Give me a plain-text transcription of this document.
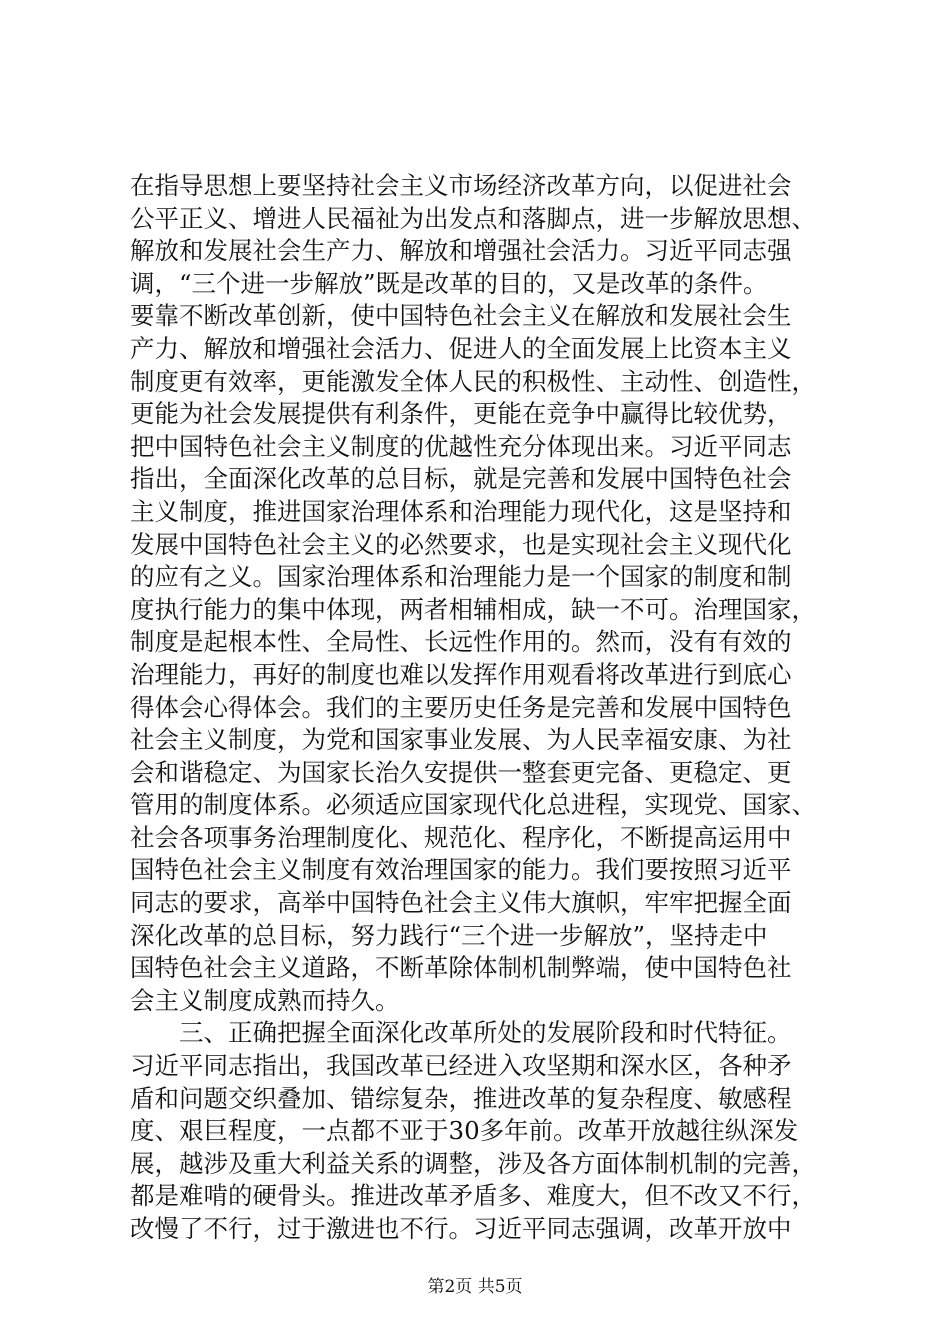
在指导思想上要坚持社会主义市场经济改革方向，以促进社会
公平正义、增进人民福祉为出发点和落脚点，进一步解放思想、
解放和发展社会生产力、解放和增强社会活力。习近平同志强
调，“三个进一步解放”既是改革的目的，又是改革的条件。
要靠不断改革创新，使中国特色社会主义在解放和发展社会生
产力、解放和增强社会活力、促进人的全面发展上比资本主义
制度更有效率，更能激发全体人民的积极性、主动性、创造性，
更能为社会发展提供有利条件，更能在竞争中赢得比较优势，
把中国特色社会主义制度的优越性充分体现出来。习近平同志
指出，全面深化改革的总目标，就是完善和发展中国特色社会
主义制度，推进国家治理体系和治理能力现代化，这是坚持和
发展中国特色社会主义的必然要求，也是实现社会主义现代化
的应有之义。国家治理体系和治理能力是一个国家的制度和制
度执行能力的集中体现，两者相辅相成，缺一不可。治理国家，
制度是起根本性、全局性、长远性作用的。然而，没有有效的
治理能力，再好的制度也难以发挥作用观看将改革进行到底心
得体会心得体会。我们的主要历史任务是完善和发展中国特色
社会主义制度，为党和国家事业发展、为人民幸福安康、为社
会和谐稳定、为国家长治久安提供一整套更完备、更稳定、更
管用的制度体系。必须适应国家现代化总进程，实现党、国家、
社会各项事务治理制度化、规范化、程序化，不断提高运用中
国特色社会主义制度有效治理国家的能力。我们要按照习近平
同志的要求，高举中国特色社会主义伟大旗帜，牢牢把握全面
深化改革的总目标，努力践行“三个进一步解放”，坚持走中
国特色社会主义道路，不断革除体制机制弊端，使中国特色社
会主义制度成熟而持久。
三、正确把握全面深化改革所处的发展阶段和时代特征。
习近平同志指出，我国改革已经进入攻坚期和深水区，各种矛
盾和问题交织叠加、错综复杂，推进改革的复杂程度、敏感程
度、艰巨程度，一点都不亚于30多年前。改革开放越往纵深发
展，越涉及重大利益关系的调整，涉及各方面体制机制的完善，
都是难啃的硬骨头。推进改革矛盾多、难度大，但不改又不行，
改慢了不行，过于激进也不行。习近平同志强调，改革开放中
第2页 共5页
